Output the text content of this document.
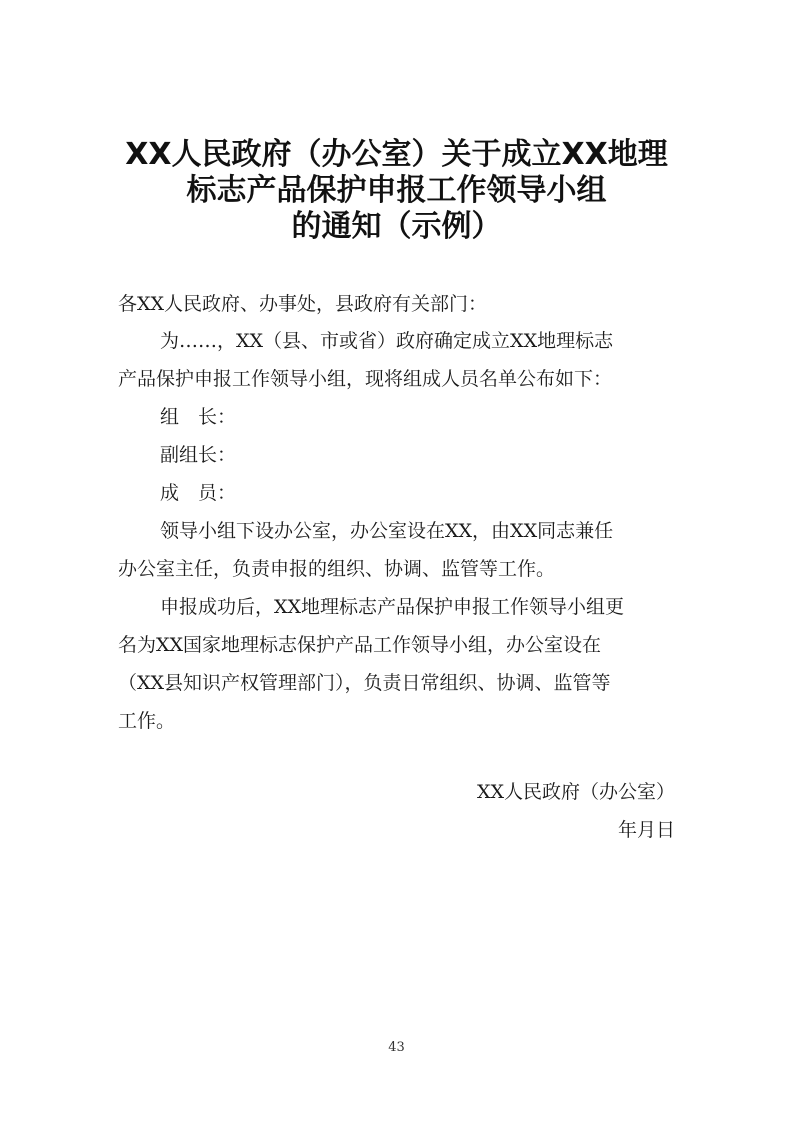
XX人民政府（办公室）关于成立XX地理
标志产品保护申报工作领导小组
的通知（示例）
各XX人民政府、办事处，县政府有关部门：
为……，XX（县、市或省）政府确定成立XX地理标志
产品保护申报工作领导小组，现将组成人员名单公布如下：
组　长：
副组长：
成　员：
领导小组下设办公室，办公室设在XX，由XX同志兼任
办公室主任，负责申报的组织、协调、监管等工作。
申报成功后，XX地理标志产品保护申报工作领导小组更
名为XX国家地理标志保护产品工作领导小组，办公室设在
（XX县知识产权管理部门），负责日常组织、协调、监管等
工作。
XX人民政府（办公室）
年月日
43
